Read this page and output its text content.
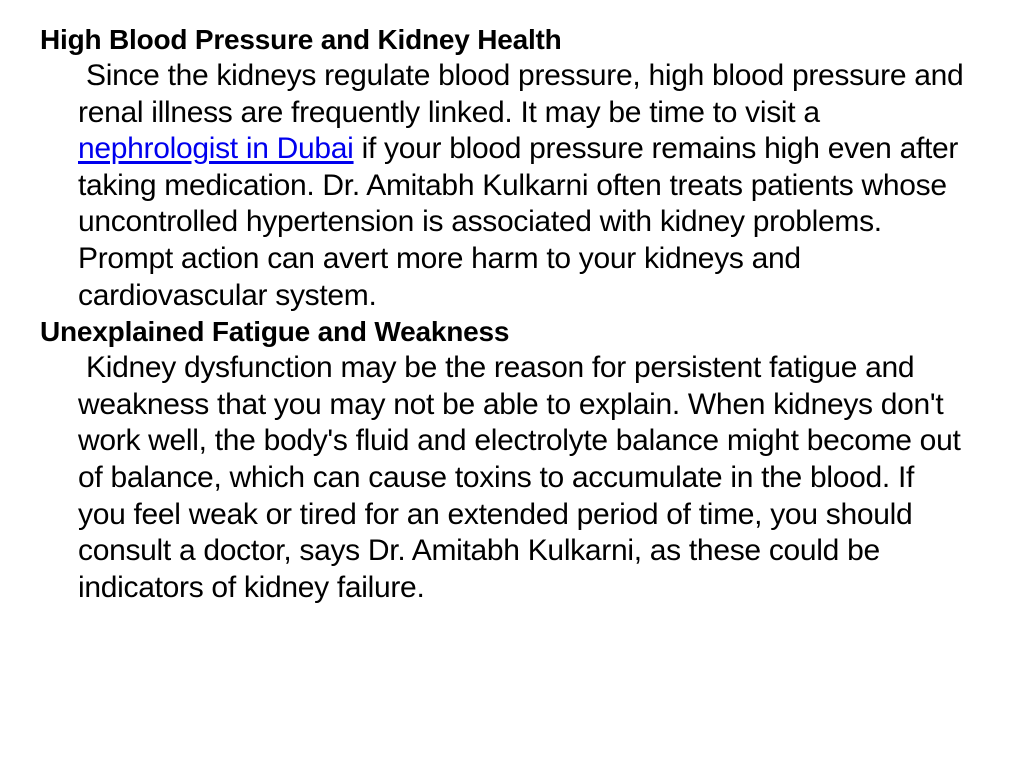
High Blood Pressure and Kidney Health

Since the kidneys regulate blood pressure, high blood pressure and renal illness are frequently linked. It may be time to visit a nephrologist in Dubai if your blood pressure remains high even after taking medication. Dr. Amitabh Kulkarni often treats patients whose uncontrolled hypertension is associated with kidney problems. Prompt action can avert more harm to your kidneys and cardiovascular system.

Unexplained Fatigue and Weakness

Kidney dysfunction may be the reason for persistent fatigue and weakness that you may not be able to explain. When kidneys don't work well, the body's fluid and electrolyte balance might become out of balance, which can cause toxins to accumulate in the blood. If you feel weak or tired for an extended period of time, you should consult a doctor, says Dr. Amitabh Kulkarni, as these could be indicators of kidney failure.
